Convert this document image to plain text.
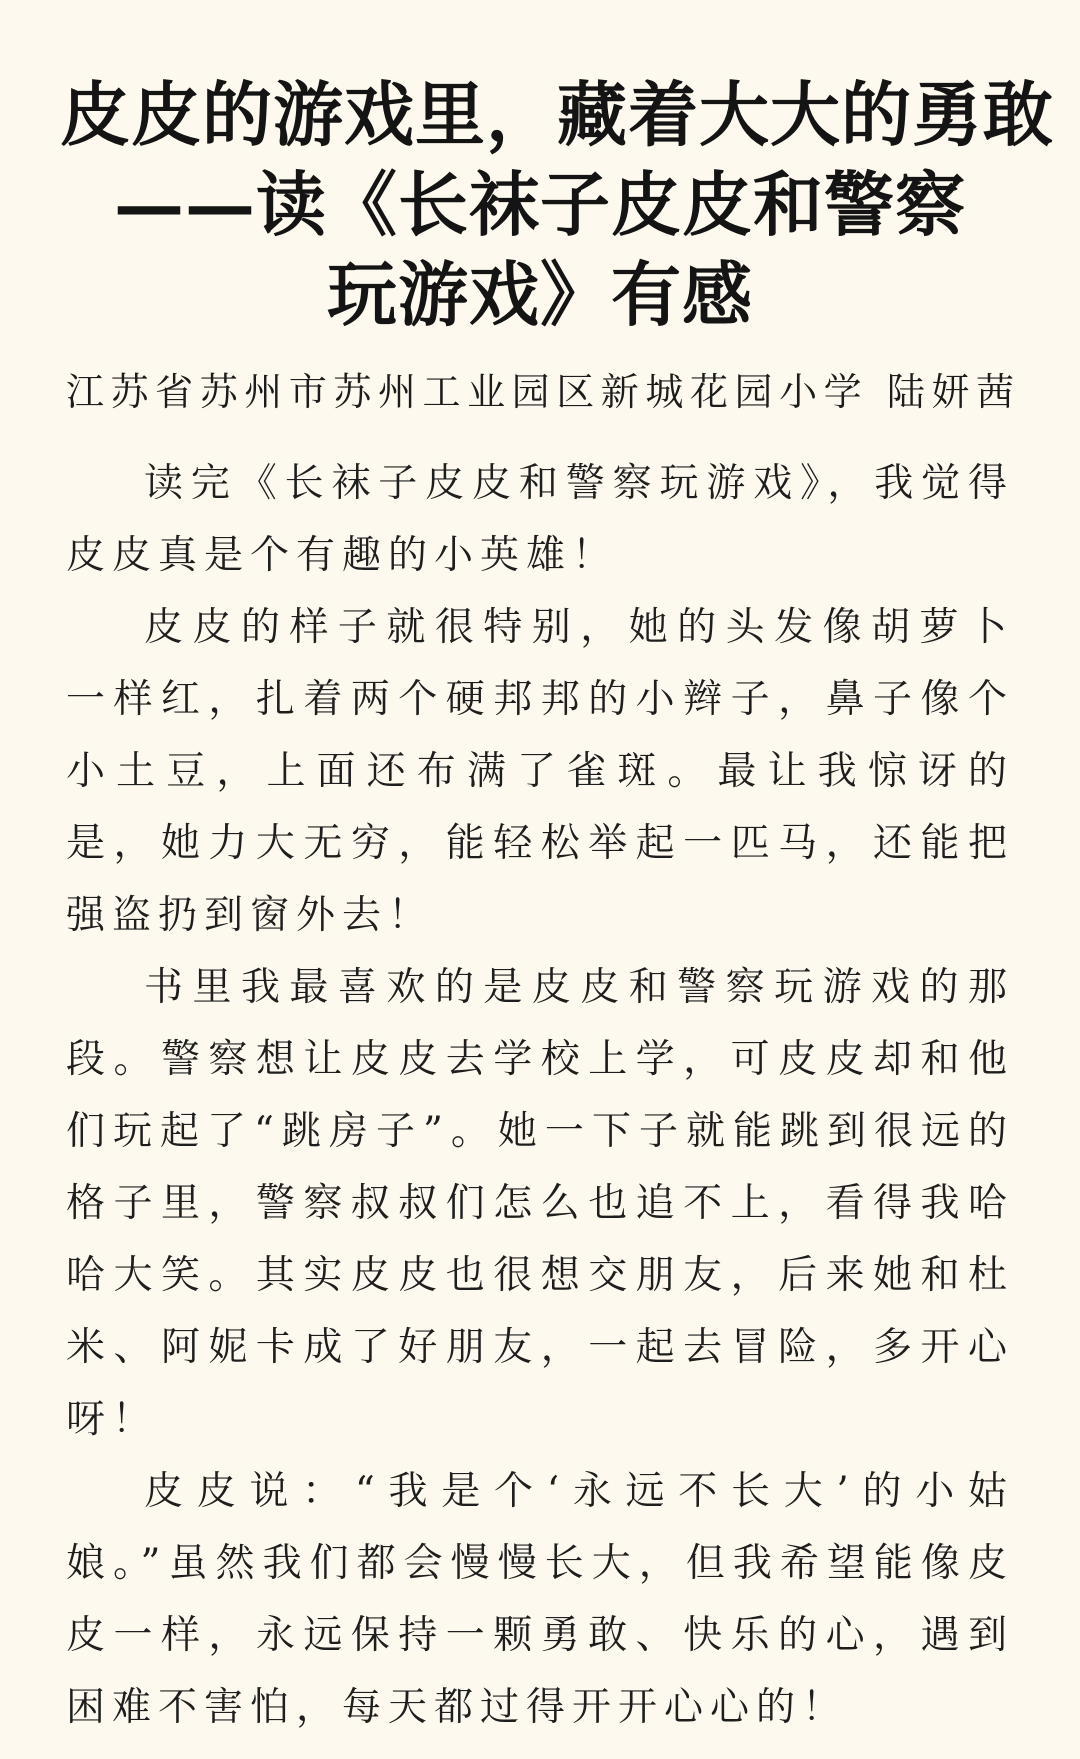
皮皮的游戏里，藏着大大的勇敢
——读《长袜子皮皮和警察
玩游戏》有感
江苏省苏州市苏州工业园区新城花园小学 陆妍茜

读完《长袜子皮皮和警察玩游戏》，我觉得皮皮真是个有趣的小英雄！

皮皮的样子就很特别，她的头发像胡萝卜一样红，扎着两个硬邦邦的小辫子，鼻子像个小土豆，上面还布满了雀斑。最让我惊讶的是，她力大无穷，能轻松举起一匹马，还能把强盗扔到窗外去！

书里我最喜欢的是皮皮和警察玩游戏的那段。警察想让皮皮去学校上学，可皮皮却和他们玩起了“跳房子”。她一下子就能跳到很远的格子里，警察叔叔们怎么也追不上，看得我哈哈大笑。其实皮皮也很想交朋友，后来她和杜米、阿妮卡成了好朋友，一起去冒险，多开心呀！

皮皮说：“我是个‘永远不长大’的小姑娘。”虽然我们都会慢慢长大，但我希望能像皮皮一样，永远保持一颗勇敢、快乐的心，遇到困难不害怕，每天都过得开开心心的！
